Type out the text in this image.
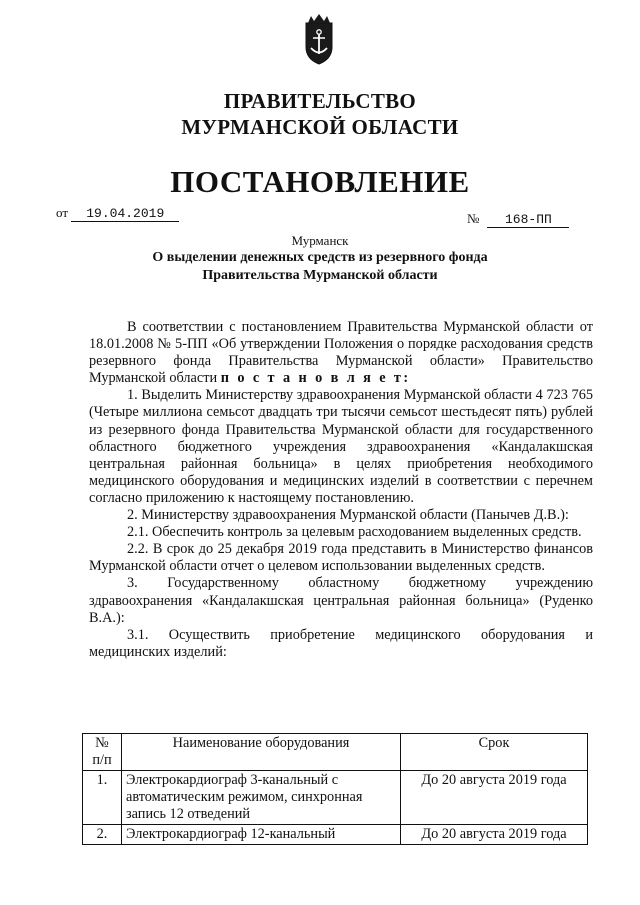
ПРАВИТЕЛЬСТВО
МУРМАНСКОЙ ОБЛАСТИ
ПОСТАНОВЛЕНИЕ
от 19.04.2019	№ 168-ПП
Мурманск
О выделении денежных средств из резервного фонда
Правительства Мурманской области

В соответствии с постановлением Правительства Мурманской области от 18.01.2008 № 5-ПП «Об утверждении Положения о порядке расходования средств резервного фонда Правительства Мурманской области» Правительство Мурманской области п о с т а н о в л я е т:

1. Выделить Министерству здравоохранения Мурманской области 4 723 765 (Четыре миллиона семьсот двадцать три тысячи семьсот шестьдесят пять) рублей из резервного фонда Правительства Мурманской области для государственного областного бюджетного учреждения здравоохранения «Кандалакшская центральная районная больница» в целях приобретения необходимого медицинского оборудования и медицинских изделий в соответствии с перечнем согласно приложению к настоящему постановлению.

2. Министерству здравоохранения Мурманской области (Панычев Д.В.):

2.1. Обеспечить контроль за целевым расходованием выделенных средств.

2.2. В срок до 25 декабря 2019 года представить в Министерство финансов Мурманской области отчет о целевом использовании выделенных средств.

3. Государственному областному бюджетному учреждению здравоохранения «Кандалакшская центральная районная больница» (Руденко В.А.):

3.1. Осуществить приобретение медицинского оборудования и медицинских изделий:

№
п/п	Наименование оборудования	Срок
1.	Электрокардиограф 3-канальный с автоматическим режимом, синхронная запись 12 отведений	До 20 августа 2019 года
2.	Электрокардиограф 12-канальный	До 20 августа 2019 года
